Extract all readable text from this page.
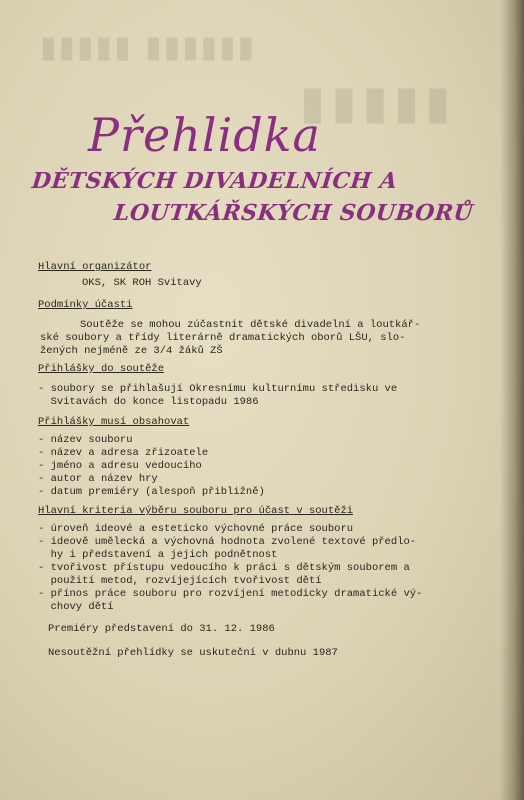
▮▮▮▮▮ ▮▮▮▮▮▮
▮▮▮▮▮
Přehlidka
DĚTSKÝCH DIVADELNÍCH A
LOUTKÁŘSKÝCH SOUBORŮ

Hlavní organizátor

OKS, SK ROH Svitavy

Podmínky účasti

Soutěže se mohou zúčastnit dětské divadelní a loutkář-

ské soubory a třídy literárně dramatických oborů LŠU, slo-

žených nejméně ze 3/4 žáků ZŠ

Přihlášky do soutěže

- soubory se přihlašují Okresnímu kulturnímu středisku ve

Svitavách do konce listopadu 1986

Přihlášky musí obsahovat

- název souboru

- název a adresa zřizoatele

- jméno a adresu vedoucího

- autor a název hry

- datum premiéry (alespoň přibližně)

Hlavní kriteria výběru souboru pro účast v soutěži

- úroveň ideové a esteticko výchovné práce souboru

- ideově umělecká a výchovná hodnota zvolené textové předlo-

hy i představení a jejich podnětnost

- tvořivost přístupu vedoucího k práci s dětským souborem a

použití metod, rozvíjejících tvořivost dětí

- přínos práce souboru pro rozvíjení metodicky dramatické vý-

chovy dětí

Premiéry představení do 31. 12. 1986

Nesoutěžní přehlídky se uskuteční v dubnu 1987
